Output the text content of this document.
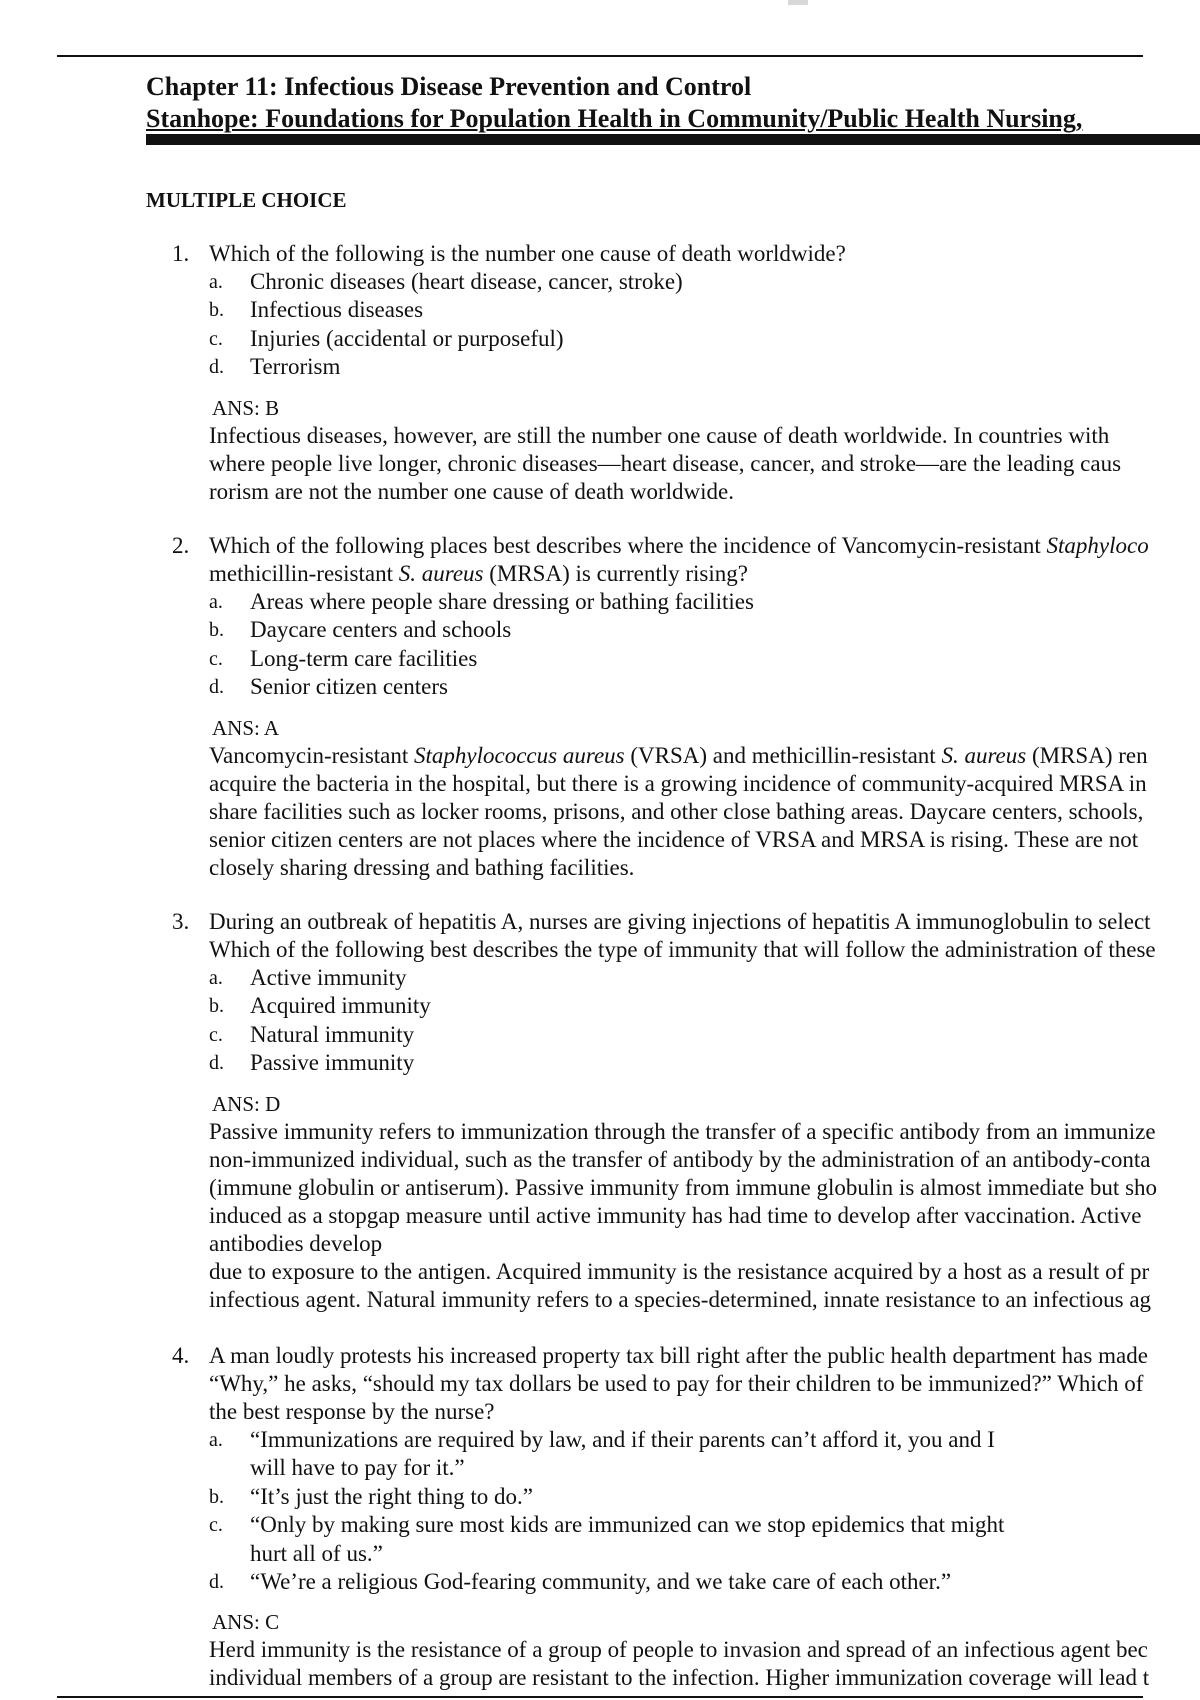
Chapter 11: Infectious Disease Prevention and Control
Stanhope: Foundations for Population Health in Community/Public Health Nursing,
MULTIPLE CHOICE
1. Which of the following is the number one cause of death worldwide?
a. Chronic diseases (heart disease, cancer, stroke)
b. Infectious diseases
c. Injuries (accidental or purposeful)
d. Terrorism
ANS: B
Infectious diseases, however, are still the number one cause of death worldwide. In countries with
where people live longer, chronic diseases—heart disease, cancer, and stroke—are the leading caus
rorism are not the number one cause of death worldwide.
2. Which of the following places best describes where the incidence of Vancomycin-resistant Staphyloco
methicillin-resistant S. aureus (MRSA) is currently rising?
a. Areas where people share dressing or bathing facilities
b. Daycare centers and schools
c. Long-term care facilities
d. Senior citizen centers
ANS: A
Vancomycin-resistant Staphylococcus aureus (VRSA) and methicillin-resistant S. aureus (MRSA) ren
acquire the bacteria in the hospital, but there is a growing incidence of community-acquired MRSA in
share facilities such as locker rooms, prisons, and other close bathing areas. Daycare centers, schools,
senior citizen centers are not places where the incidence of VRSA and MRSA is rising. These are not
closely sharing dressing and bathing facilities.
3. During an outbreak of hepatitis A, nurses are giving injections of hepatitis A immunoglobulin to select
Which of the following best describes the type of immunity that will follow the administration of these
a. Active immunity
b. Acquired immunity
c. Natural immunity
d. Passive immunity
ANS: D
Passive immunity refers to immunization through the transfer of a specific antibody from an immunize
non-immunized individual, such as the transfer of antibody by the administration of an antibody-conta
(immune globulin or antiserum). Passive immunity from immune globulin is almost immediate but sho
induced as a stopgap measure until active immunity has had time to develop after vaccination. Active
antibodies develop
due to exposure to the antigen. Acquired immunity is the resistance acquired by a host as a result of pr
infectious agent. Natural immunity refers to a species-determined, innate resistance to an infectious ag
4. A man loudly protests his increased property tax bill right after the public health department has made
“Why,” he asks, “should my tax dollars be used to pay for their children to be immunized?” Which of
the best response by the nurse?
a. “Immunizations are required by law, and if their parents can’t afford it, you and I
will have to pay for it.”
b. “It’s just the right thing to do.”
c. “Only by making sure most kids are immunized can we stop epidemics that might
hurt all of us.”
d. “We’re a religious God-fearing community, and we take care of each other.”
ANS: C
Herd immunity is the resistance of a group of people to invasion and spread of an infectious agent bec
individual members of a group are resistant to the infection. Higher immunization coverage will lead t
